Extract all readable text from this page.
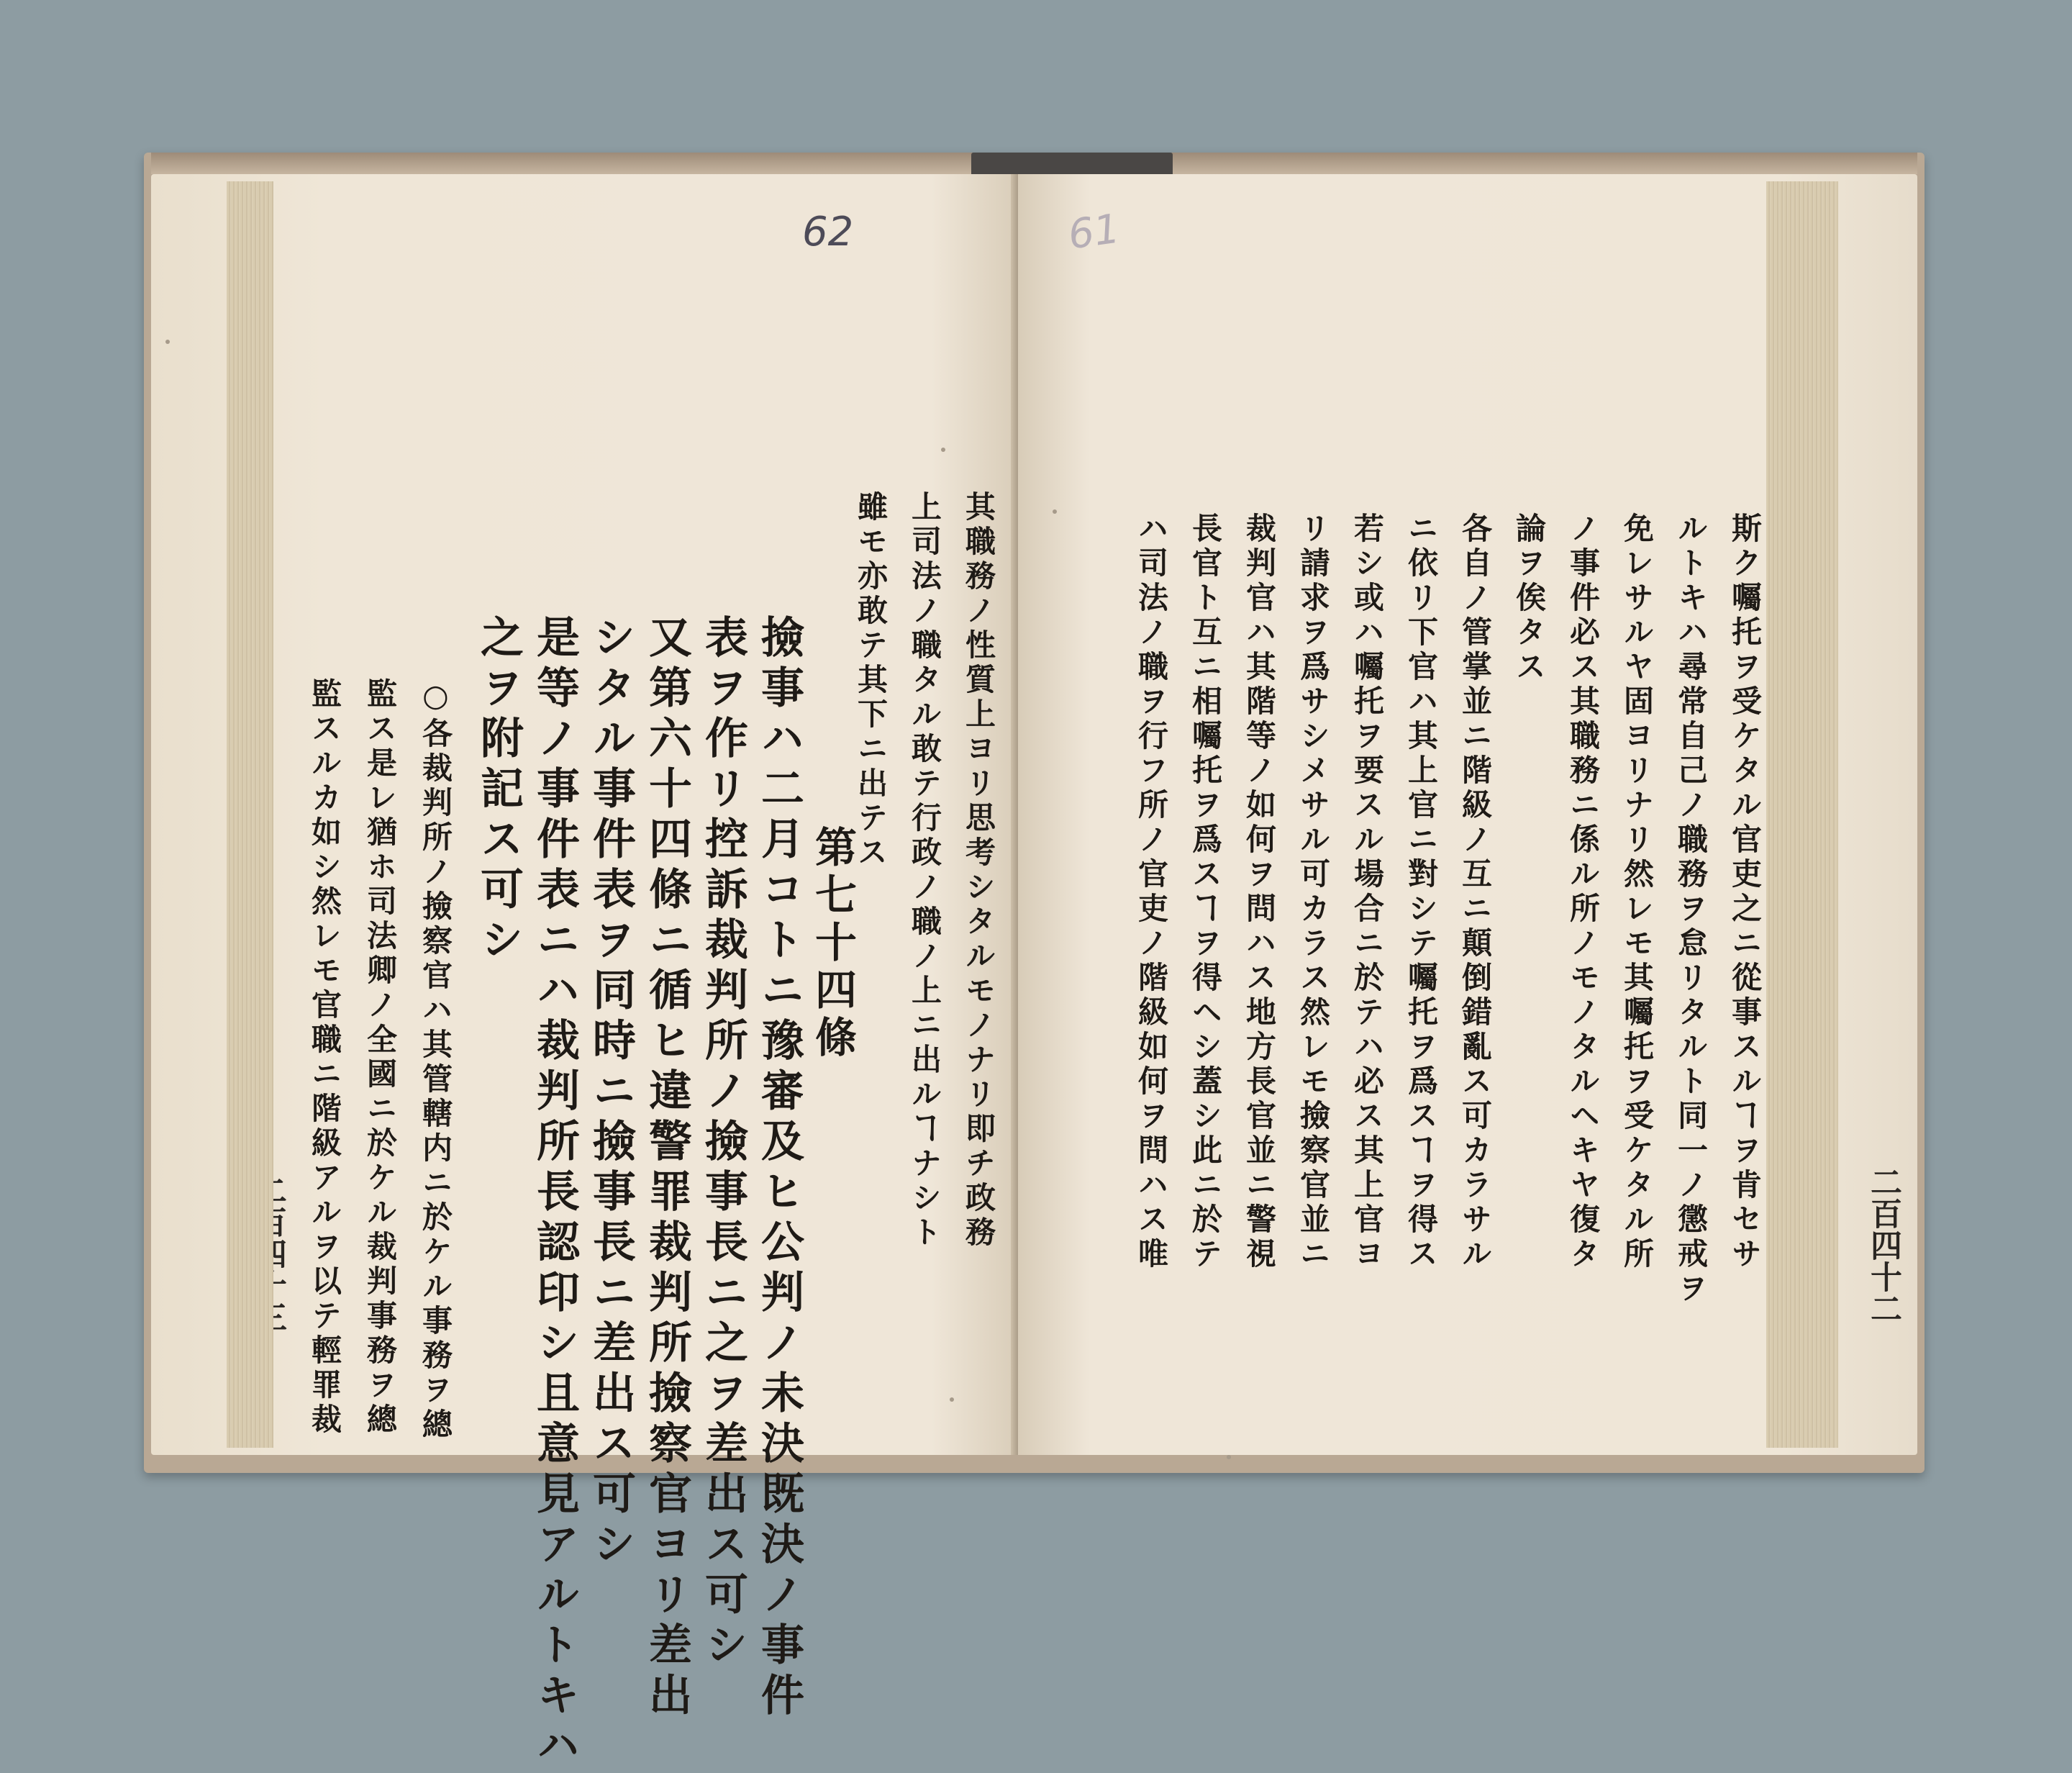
62
其職務ノ性質上ヨリ思考シタルモノナリ即チ政務
上司法ノ職タル敢テ行政ノ職ノ上ニ出ルヿナシト
雖モ亦敢テ其下ニ出テス
第七十四條
撿事ハ二月コトニ豫審及ヒ公判ノ未決既決ノ事件
表ヲ作リ控訴裁判所ノ撿事長ニ之ヲ差出ス可シ
又第六十四條ニ循ヒ違警罪裁判所撿察官ヨリ差出
シタル事件表ヲ同時ニ撿事長ニ差出ス可シ
是等ノ事件表ニハ裁判所長認印シ且意見アルトキハ
之ヲ附記ス可シ
○各裁判所ノ撿察官ハ其管轄内ニ於ケル事務ヲ總
監ス是レ猶ホ司法卿ノ全國ニ於ケル裁判事務ヲ總
監スルカ如シ然レモ官職ニ階級アルヲ以テ輕罪裁
61
斯ク囑托ヲ受ケタル官吏之ニ從事スルヿヲ肯セサ
ルトキハ尋常自己ノ職務ヲ怠リタルト同一ノ懲戒ヲ
免レサルヤ固ヨリナリ然レモ其囑托ヲ受ケタル所
ノ事件必ス其職務ニ係ル所ノモノタルヘキヤ復タ
論ヲ俟タス
各自ノ管掌並ニ階級ノ互ニ顛倒錯亂ス可カラサル
ニ依リ下官ハ其上官ニ對シテ囑托ヲ爲スヿヲ得ス
若シ或ハ囑托ヲ要スル場合ニ於テハ必ス其上官ヨ
リ請求ヲ爲サシメサル可カラス然レモ撿察官並ニ
裁判官ハ其階等ノ如何ヲ問ハス地方長官並ニ警視
長官ト互ニ相囑托ヲ爲スヿヲ得ヘシ蓋シ此ニ於テ
ハ司法ノ職ヲ行フ所ノ官吏ノ階級如何ヲ問ハス唯	二百四十二
